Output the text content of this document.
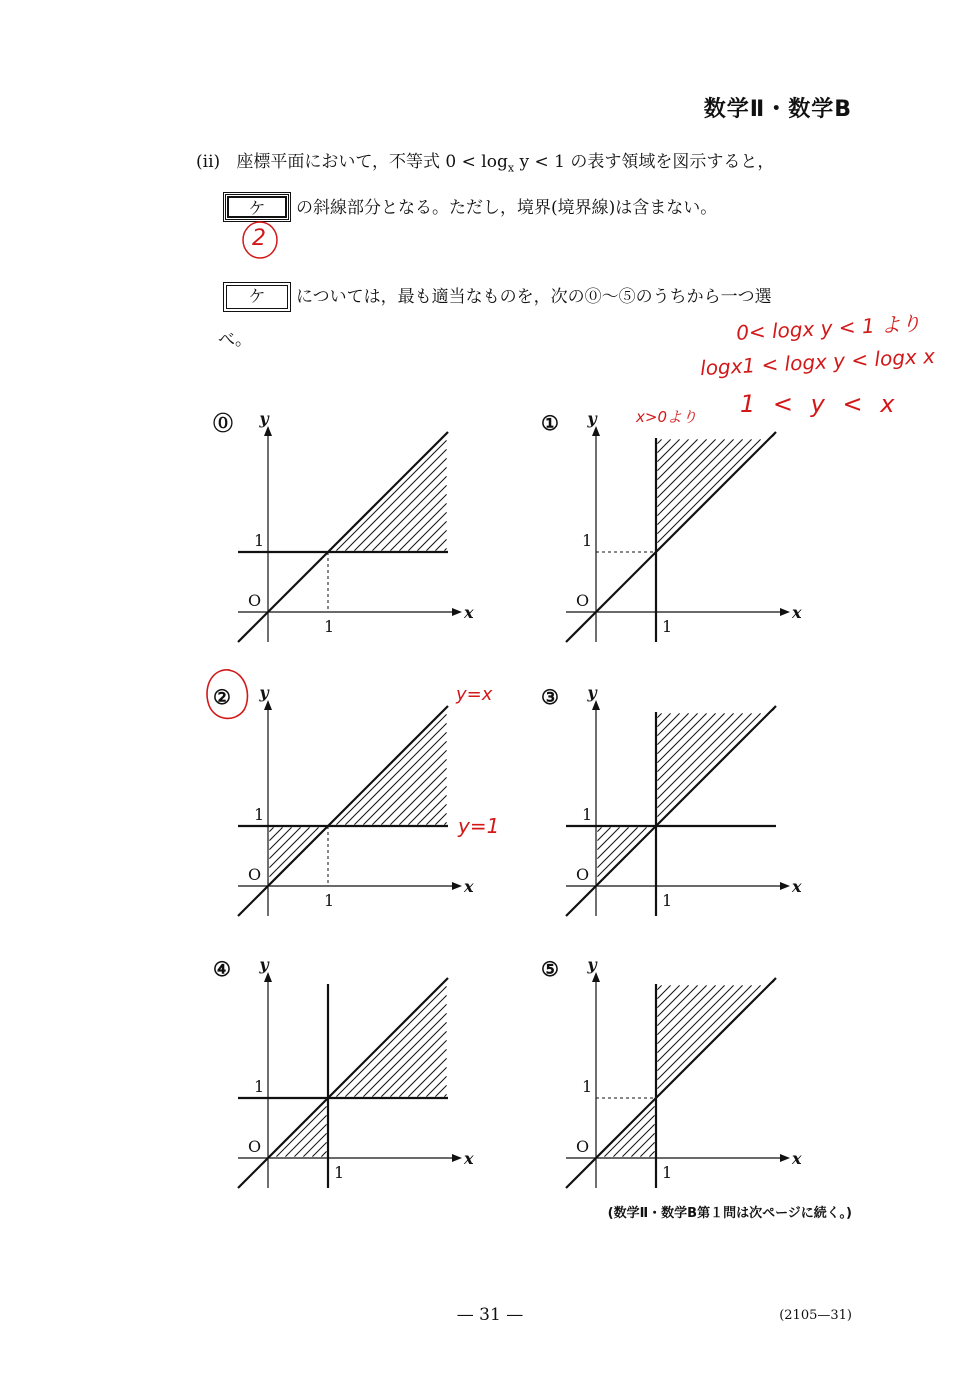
数学Ⅱ・数学B
(ii) 座標平面において，不等式 $0 < \log_x y < 1$ の表す領域を図示すると，
ケ	の斜線部分となる。ただし，境界(境界線)は含まない。
ケ	については，最も適当なものを，次の⓪～⑤のうちから一つ選
べ。
2
0< logx y < 1 より
logx1 < logx y < logx x
1 < y < x
x>0より
y=x
y=1
⓪ y
x
O
1
1
① y
x
O
1
1
② y
x
O
1
1
③ y
x
O
1
1
④ y
x
O
1
1
⑤ y
x
O
1
1
(数学Ⅱ・数学B第１問は次ページに続く。)
— 31 —	(2105—31)
